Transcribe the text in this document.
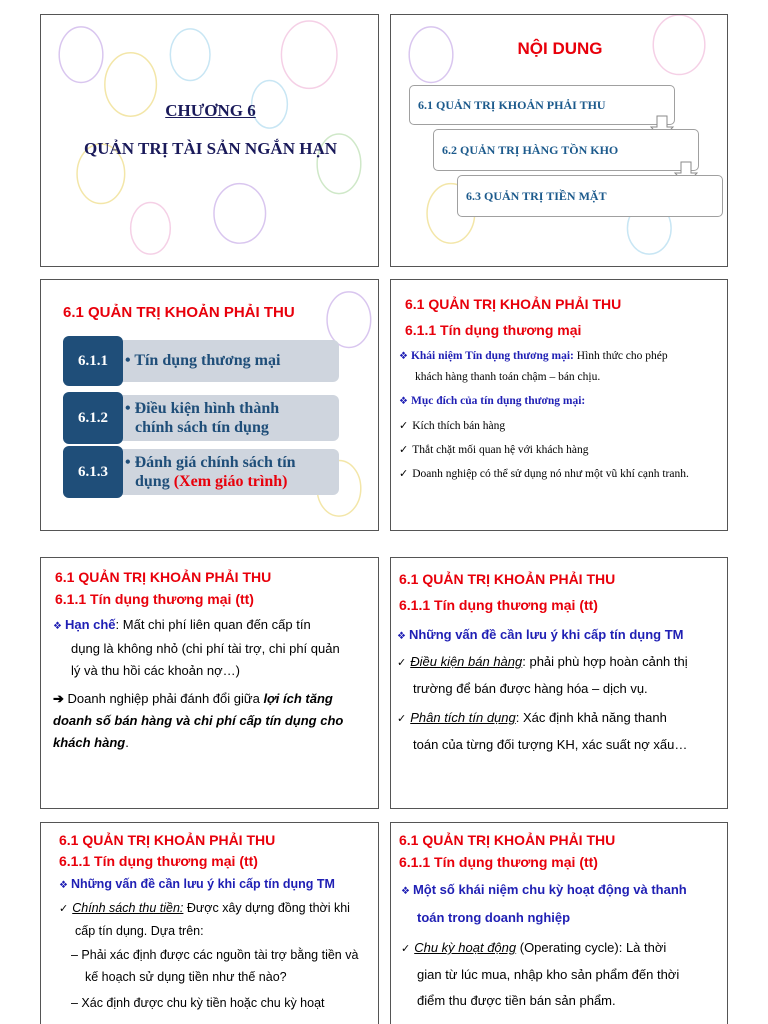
CHƯƠNG 6
QUẢN TRỊ TÀI SẢN NGẮN HẠN
NỘI DUNG
6.1 QUẢN TRỊ KHOẢN PHẢI THU
6.2 QUẢN TRỊ HÀNG TỒN KHO
6.3 QUẢN TRỊ TIỀN MẶT
6.1 QUẢN TRỊ KHOẢN PHẢI THU
• Tín dụng thương mại
6.1.1
• Điều kiện hình thành
chính sách tín dụng
6.1.2
• Đánh giá chính sách tín
dụng (Xem giáo trình)
6.1.3
6.1 QUẢN TRỊ KHOẢN PHẢI THU
6.1.1 Tín dụng thương mại
❖ Khái niệm Tín dụng thương mại: Hình thức cho phép
khách hàng thanh toán chậm – bán chịu.
❖ Mục đích của tín dụng thương mại:
✓ Kích thích bán hàng
✓ Thắt chặt mối quan hệ với khách hàng
✓ Doanh nghiệp có thể sử dụng nó như một vũ khí cạnh tranh.
6.1 QUẢN TRỊ KHOẢN PHẢI THU
6.1.1 Tín dụng thương mại (tt)
❖ Hạn chế: Mất chi phí liên quan đến cấp tín
dụng là không nhỏ (chi phí tài trợ, chi phí quản
lý và thu hồi các khoản nợ…)
➔ Doanh nghiệp phải đánh đổi giữa lợi ích tăng
doanh số bán hàng và chi phí cấp tín dụng cho
khách hàng.
6.1 QUẢN TRỊ KHOẢN PHẢI THU
6.1.1 Tín dụng thương mại (tt)
❖ Những vấn đề cần lưu ý khi cấp tín dụng TM
✓ Điều kiện bán hàng: phải phù hợp hoàn cảnh thị
trường để bán được hàng hóa – dịch vụ.
✓ Phân tích tín dụng: Xác định khả năng thanh
toán của từng đối tượng KH, xác suất nợ xấu…
6.1 QUẢN TRỊ KHOẢN PHẢI THU
6.1.1 Tín dụng thương mại (tt)
❖ Những vấn đề cần lưu ý khi cấp tín dụng TM
✓ Chính sách thu tiền: Được xây dựng đồng thời khi
cấp tín dụng. Dựa trên:
– Phải xác định được các nguồn tài trợ bằng tiền và
kế hoạch sử dụng tiền như thế nào?
– Xác định được chu kỳ tiền hoặc chu kỳ hoạt
6.1 QUẢN TRỊ KHOẢN PHẢI THU
6.1.1 Tín dụng thương mại (tt)
❖ Một số khái niệm chu kỳ hoạt động và thanh
toán trong doanh nghiệp
✓ Chu kỳ hoạt động (Operating cycle): Là thời
gian từ lúc mua, nhập kho sản phẩm đến thời
điểm thu được tiền bán sản phẩm.
